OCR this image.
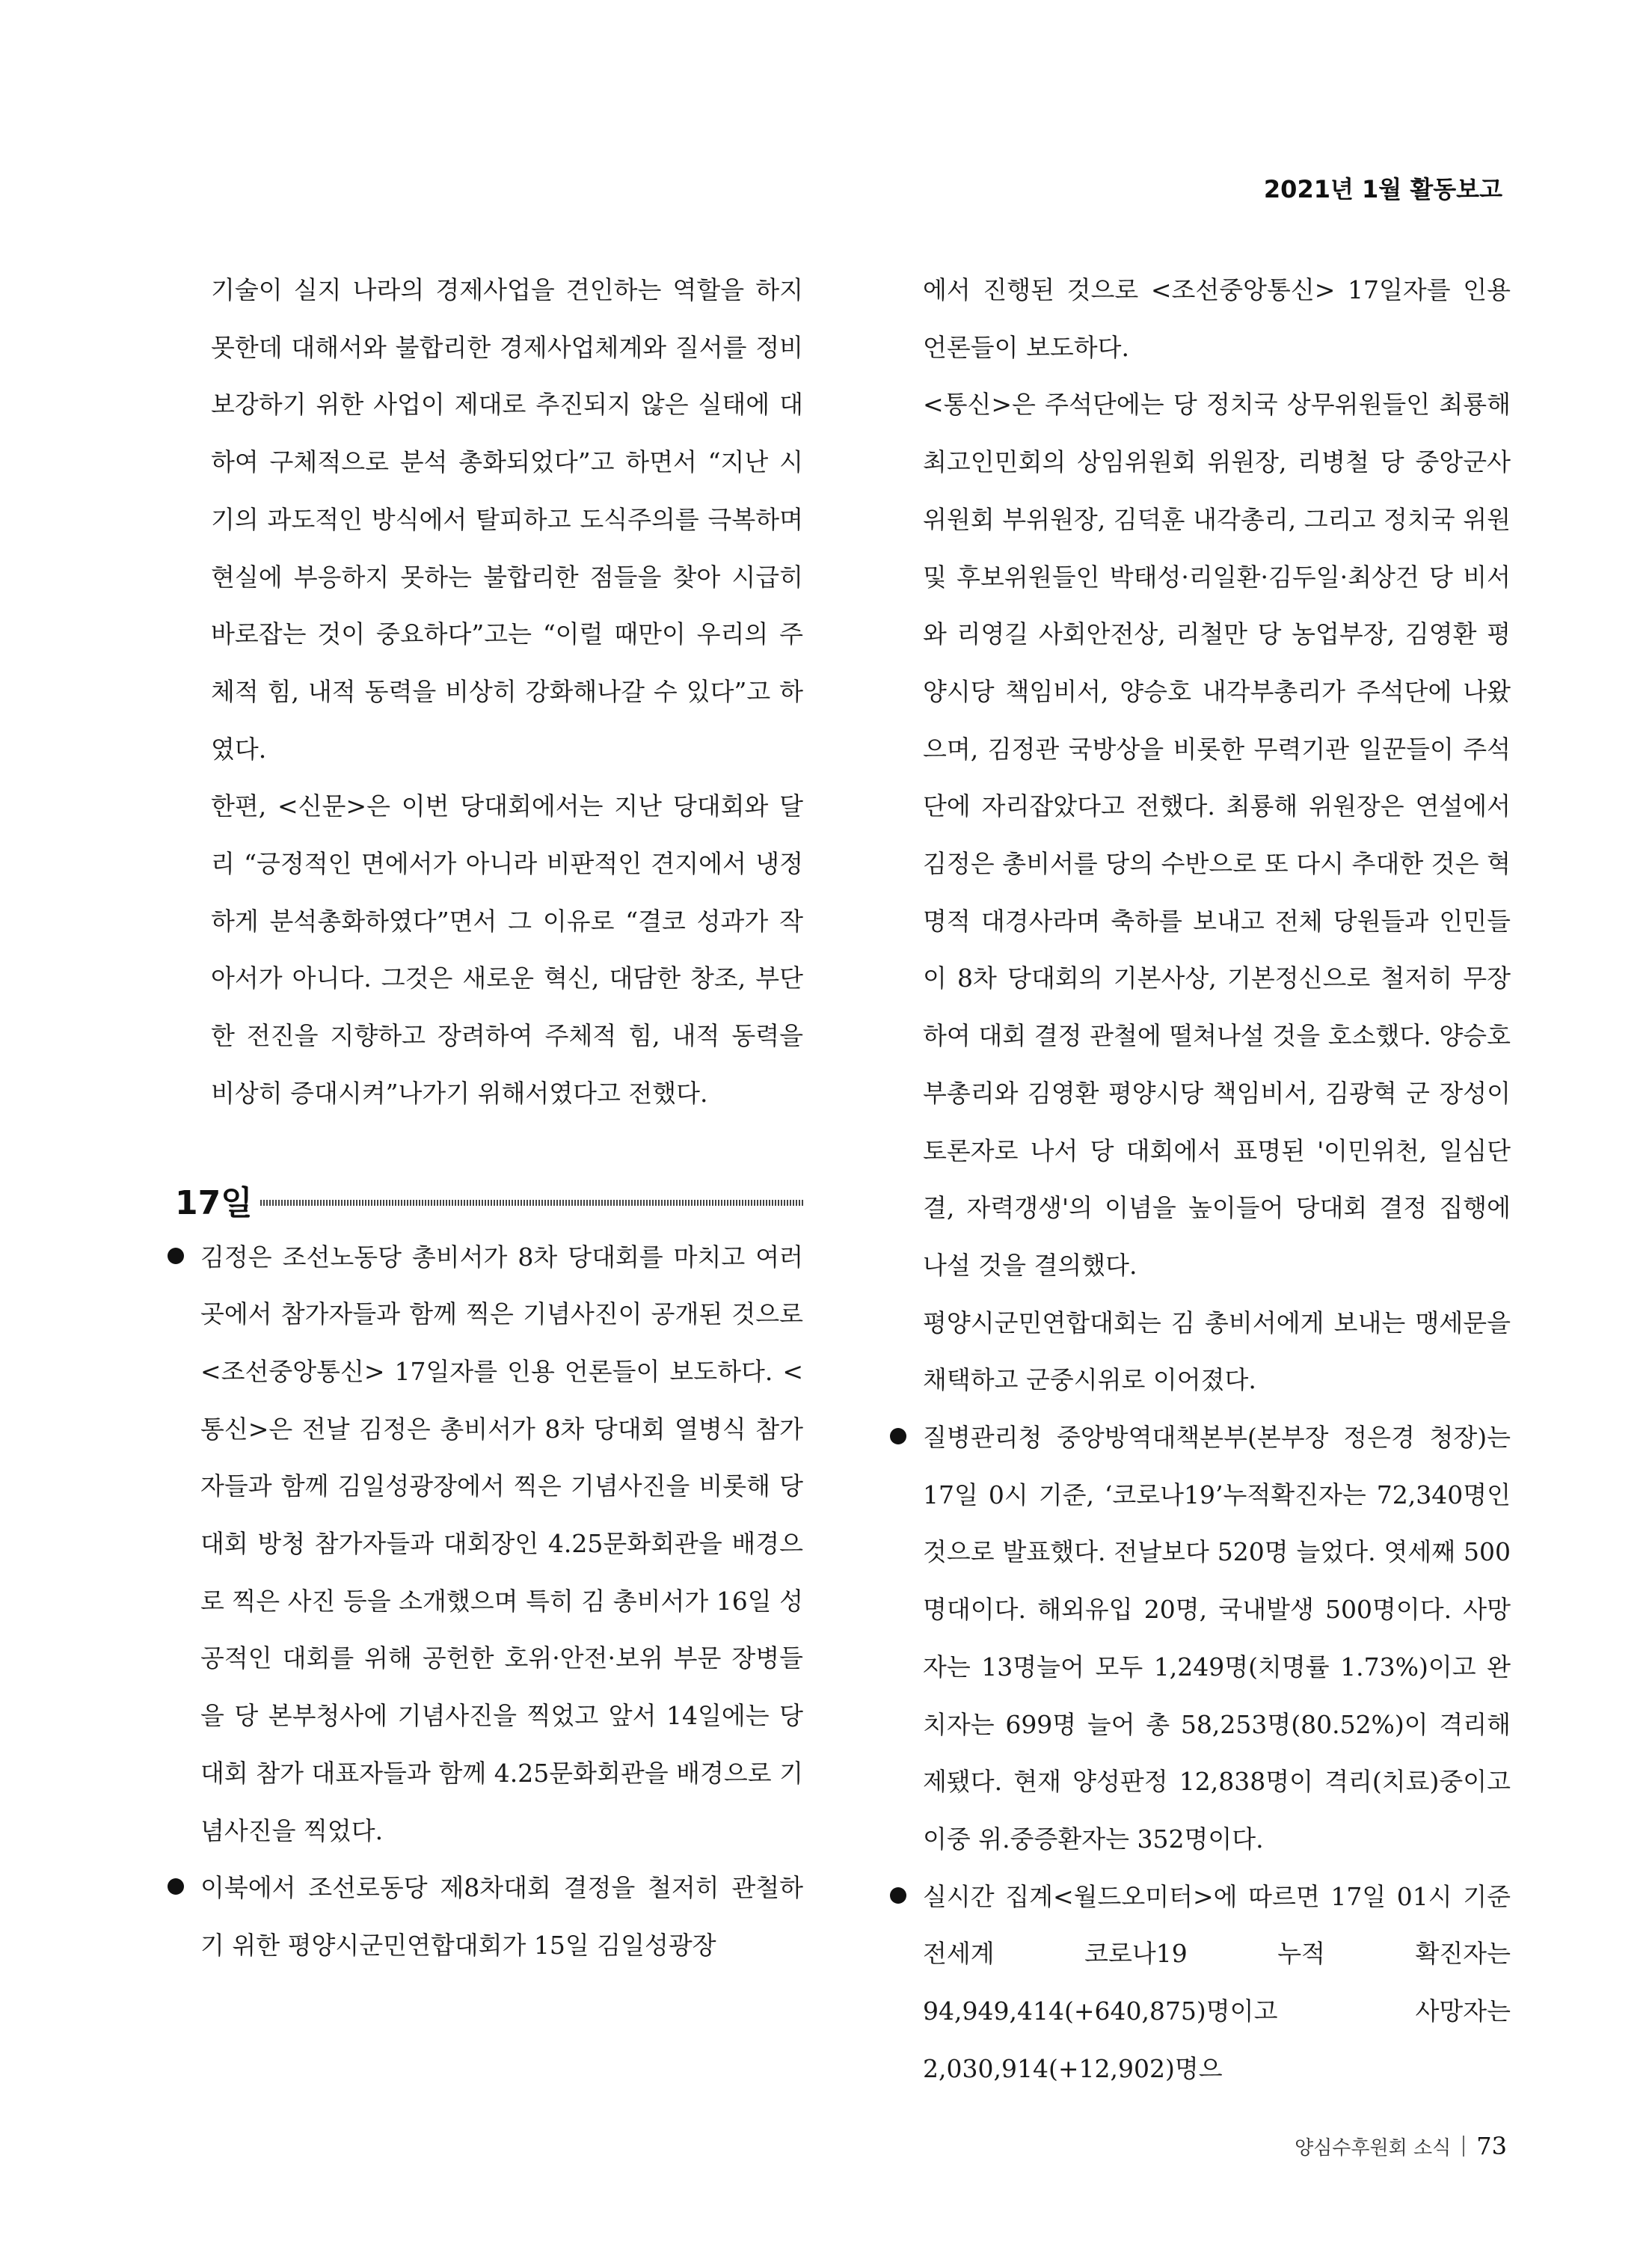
2021년 1월 활동보고

기술이 실지 나라의 경제사업을 견인하는 역할을 하지 못한데 대해서와 불합리한 경제사업체계와 질서를 정비보강하기 위한 사업이 제대로 추진되지 않은 실태에 대하여 구체적으로 분석 총화되었다”고 하면서 “지난 시기의 과도적인 방식에서 탈피하고 도식주의를 극복하며 현실에 부응하지 못하는 불합리한 점들을 찾아 시급히 바로잡는 것이 중요하다”고는 “이럴 때만이 우리의 주체적 힘, 내적 동력을 비상히 강화해나갈 수 있다”고 하였다.

한편, <신문>은 이번 당대회에서는 지난 당대회와 달리 “긍정적인 면에서가 아니라 비판적인 견지에서 냉정하게 분석총화하였다”면서 그 이유로 “결코 성과가 작아서가 아니다. 그것은 새로운 혁신, 대담한 창조, 부단한 전진을 지향하고 장려하여 주체적 힘, 내적 동력을 비상히 증대시켜”나가기 위해서였다고 전했다.

17일

김정은 조선노동당 총비서가 8차 당대회를 마치고 여러 곳에서 참가자들과 함께 찍은 기념사진이 공개된 것으로 <조선중앙통신> 17일자를 인용 언론들이 보도하다. <통신>은 전날 김정은 총비서가 8차 당대회 열병식 참가자들과 함께 김일성광장에서 찍은 기념사진을 비롯해 당대회 방청 참가자들과 대회장인 4.25문화회관을 배경으로 찍은 사진 등을 소개했으며 특히 김 총비서가 16일 성공적인 대회를 위해 공헌한 호위·안전·보위 부문 장병들을 당 본부청사에 기념사진을 찍었고 앞서 14일에는 당대회 참가 대표자들과 함께 4.25문화회관을 배경으로 기념사진을 찍었다.

이북에서 조선로동당 제8차대회 결정을 철저히 관철하기 위한 평양시군민연합대회가 15일 김일성광장

에서 진행된 것으로 <조선중앙통신> 17일자를 인용 언론들이 보도하다.

<통신>은 주석단에는 당 정치국 상무위원들인 최룡해 최고인민회의 상임위원회 위원장, 리병철 당 중앙군사위원회 부위원장, 김덕훈 내각총리, 그리고 정치국 위원 및 후보위원들인 박태성·리일환·김두일·최상건 당 비서와 리영길 사회안전상, 리철만 당 농업부장, 김영환 평양시당 책임비서, 양승호 내각부총리가 주석단에 나왔으며, 김정관 국방상을 비롯한 무력기관 일꾼들이 주석단에 자리잡았다고 전했다. 최룡해 위원장은 연설에서 김정은 총비서를 당의 수반으로 또 다시 추대한 것은 혁명적 대경사라며 축하를 보내고 전체 당원들과 인민들이 8차 당대회의 기본사상, 기본정신으로 철저히 무장하여 대회 결정 관철에 떨쳐나설 것을 호소했다. 양승호 부총리와 김영환 평양시당 책임비서, 김광혁 군 장성이 토론자로 나서 당 대회에서 표명된 '이민위천, 일심단결, 자력갱생'의 이념을 높이들어 당대회 결정 집행에 나설 것을 결의했다.

평양시군민연합대회는 김 총비서에게 보내는 맹세문을 채택하고 군중시위로 이어졌다.

질병관리청 중앙방역대책본부(본부장 정은경 청장)는 17일 0시 기준, ‘코로나19’누적확진자는 72,340명인 것으로 발표했다. 전날보다 520명 늘었다. 엿세째 500명대이다. 해외유입 20명, 국내발생 500명이다. 사망자는 13명늘어 모두 1,249명(치명률 1.73%)이고 완치자는 699명 늘어 총 58,253명(80.52%)이 격리해제됐다. 현재 양성판정 12,838명이 격리(치료)중이고 이중 위.중증환자는 352명이다.

실시간 집계<월드오미터>에 따르면 17일 01시 기준 전세계 코로나19 누적 확진자는 94,949,414(+640,875)명이고 사망자는 2,030,914(+12,902)명으

양심수후원회 소식 73
